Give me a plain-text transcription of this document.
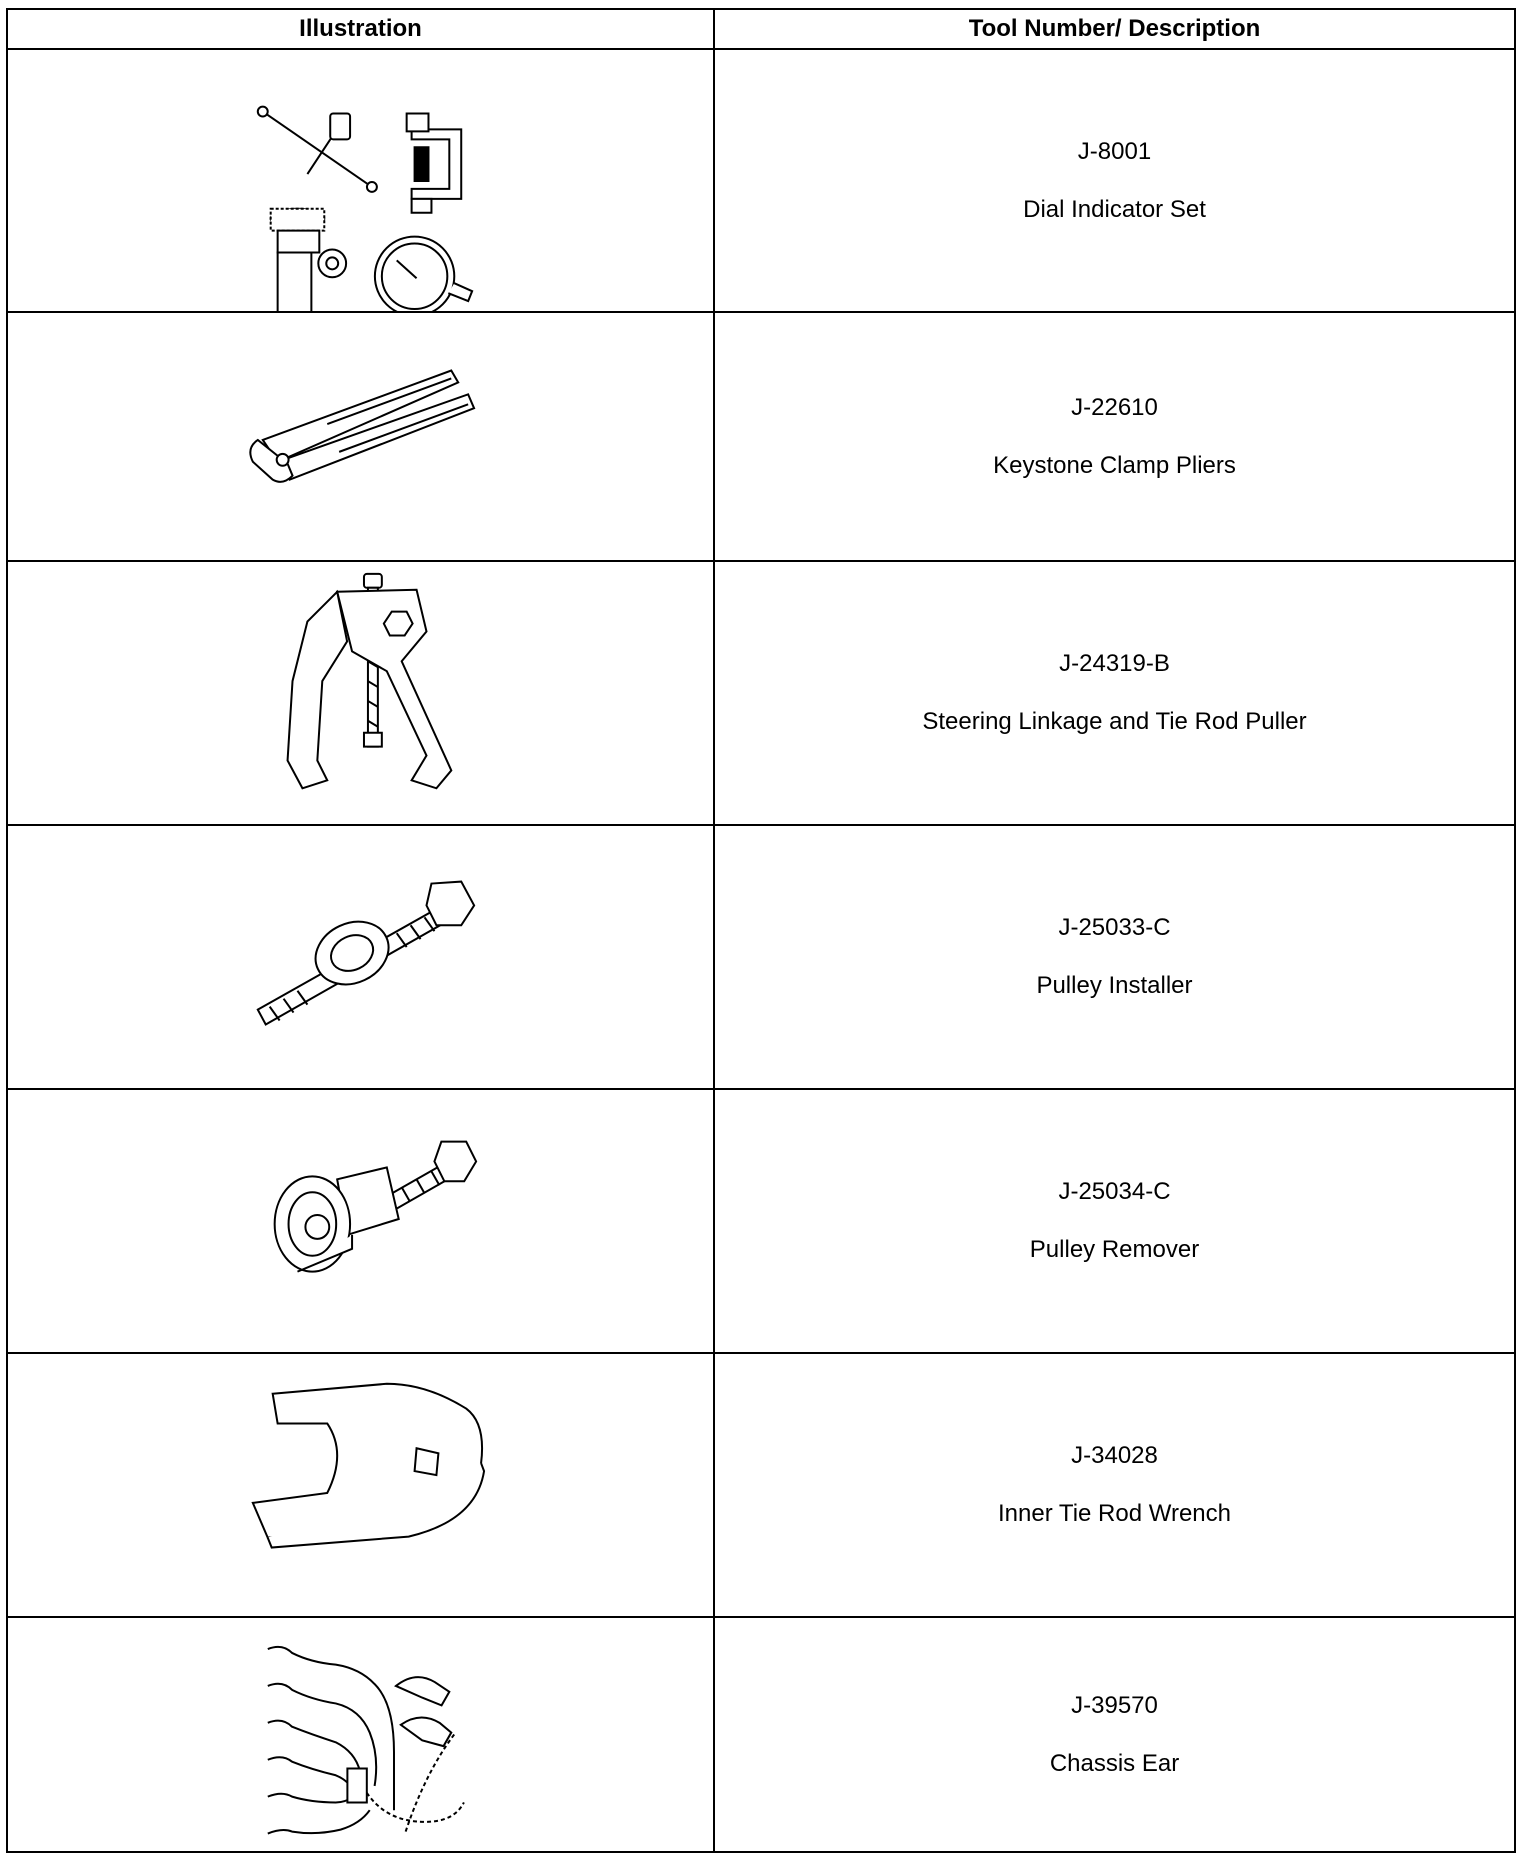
Illustration	Tool Number/ Description

J-8001
Dial Indicator Set

J-22610
Keystone Clamp Pliers

J-24319-B
Steering Linkage and Tie Rod Puller

J-25033-C
Pulley Installer

J-25034-C
Pulley Remover

J-34028
Inner Tie Rod Wrench

J-39570
Chassis Ear
